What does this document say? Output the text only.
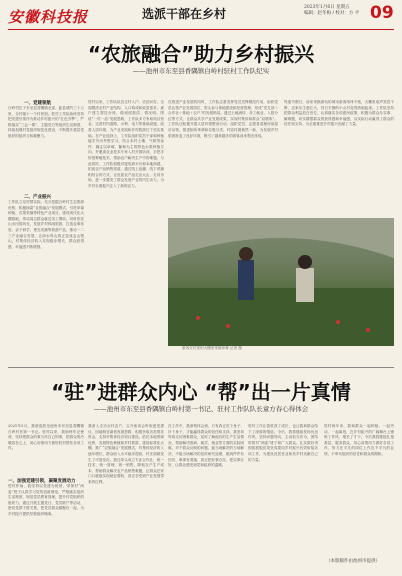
安徽科技报	选派干部在乡村	2023年1月6日 星期五
编辑：赵冬梅 / 校对：方 平 09
“农旅融合”助力乡村振兴
——池州市东至县香隅镇白岭村驻村工作队纪实
一、党建领航
白岭村位于东至县香隅镇北部，距县城约三十公里，全村辖十一个村民组。驻村工作队始终坚持把党建引领作为推动乡村振兴的“红色引擎”，严格落实“三会一课”、主题党日等组织生活制度，持续加强村党组织规范化建设，不断提升基层党组织的组织力和凝聚力。
二、产业振兴
工作队立足村情实际，充分挖掘白岭村生态资源优势，积极探索“农旅融合”发展模式，引进草莓种植、瓜果采摘等特色产业项目，建设现代化大棚基地，带动周边群众就近务工增收。同时依托山水田园风光，发展乡村休闲旅游，打造农事体验、亲子研学、观光采摘等旅游产品，推动一二三产业融合发展，让绿水青山真正变成金山银山，村集体经济收入实现稳步增长，群众获得感、幸福感不断增强。
驻村以来，工作队队员走村入户、访贫问苦，全面摸清全村产业结构、人口构成和致富需求，逐户建立帮扶台账，做到底数清、情况明。围绕“一村一品”发展思路，工作队多方争取项目资金，完善村内道路、水利、电力等基础设施，改善人居环境，为产业发展和乡村旅游打下坚实基础。在产业选择上，工作队组织党员干部和种植能手外出考察学习，结合本村土壤、气候等条件，确定以草莓、葡萄为主的特色水果种植方向，并邀请农业技术专家入村开展培训，手把手传授种植技术，帮助农户解决生产中的难题。与此同时，工作队积极对接电商平台和本地商超，拓宽农产品销售渠道，通过线上直播、线下采摘相结合的方式，让优质农产品走出大山、走向市场，进一步激发了群众发展产业的内生动力，为乡村全面振兴注入了新的活力。
在推进产业发展的同时，工作队注重发挥党员先锋模范作用，组织党员认领产业发展岗位，带头参与基地建设和经营管理，形成“党支部＋合作社＋基地＋农户”的发展格局。通过土地流转、务工就业、入股分红等方式，让群众共享产业发展成果，实现村集体和群众“双增收”。工作队还积极开展人居环境整治行动，组织党员、志愿者清理房前屋后杂物，推进厕所革命和垃圾分类，村容村貌焕然一新，为发展乡村旅游营造了良好环境，吸引了越来越多的游客前来观光体验。
每逢节假日，前来采摘游玩的城市游客络绎不绝，大棚里欢声笑语不断，农家乐生意红火，昔日平静的小山村变得热闹起来。工作队坚持把群众利益放在首位，认真落实各项惠民政策，积极为群众办实事、解难题，切实增强群众的获得感和幸福感，以实际行动赢得了群众的信任和支持，为全面推进乡村振兴贡献了力量。
游客在村里的大棚里采摘草莓 记者 摄
“驻”进群众内心 “帮”出一片真情
——池州市东至县香隅镇白岭村第一书记、驻村工作队队长童方春心得体会
2021年5月，我被选派至池州市东至县香隅镇白岭村任第一书记。驻村以来，我始终牢记使命，坚持把群众的事当作自己的事，把群众的冷暖放在心上，用心用情用力做好驻村帮扶各项工作。
一、加强党建引领，凝聚发展动力
驻村伊始，我坚持以党建为统领，带领村“两委”班子认真学习党的创新理论，严格落实组织生活制度，规范党员教育管理，提升村党组织的组织力。通过开展主题党日、党员联户等活动，密切党群干群关系，把党员群众凝聚在一起，为乡村振兴提供坚强组织保障。
我深入走访全村农户，召开座谈会听取意见建议，因地制宜谋划发展思路，积极争取各类帮扶资金，支持村集体经济项目建设。依托本地资源优势，发展特色种植和乡村旅游，建设标准化大棚，推广“农旅融合”发展模式，村集体经济收入逐年增长，群众收入水平稳步提高，村庄面貌发生了可喜变化。我还牵头成立专业合作社，统一技术、统一管理、统一销售，降低农户生产成本，帮助群众解决农产品销售难题，让群众在家门口就能实现就业增收，真正享受到产业发展带来的红利。
在工作中，我深刻体会到，只有真正沉下身子、扑下身子，才能赢得群众的信任和支持。我坚持每周走访困难群众，及时了解他们的生产生活情况，帮助解决看病、就学、就业等方面的实际困难。对于群众反映的问题，能当场解决的当场解决，不能当场解决的及时研究处理，做到件件有回音、事事有着落，真正把好事办实、把实事办好，让群众感受到党和政府的温暖。
驻村工作让我收获了成长，也让我和群众结下了深厚的情谊。今后，我将继续发扬优良作风，坚持问题导向，主动担当作为，团结带领村“两委”班子和广大群众，扎实做好巩固拓展脱贫攻坚成果同乡村振兴有效衔接各项工作，为建设宜居宜业和美乡村贡献自己的力量。
驻村两年来，我和群众一起种植、一起劳动、一起谋划，在乡村振兴的广阔舞台上锤炼了作风、增长了才干。今后我将继续扎根基层、服务群众，用心用情用力做好各项工作，努力在平凡的岗位上作出不平凡的业绩，不辜负组织的信任和群众的期盼。
（本版稿件由池州市提供）
